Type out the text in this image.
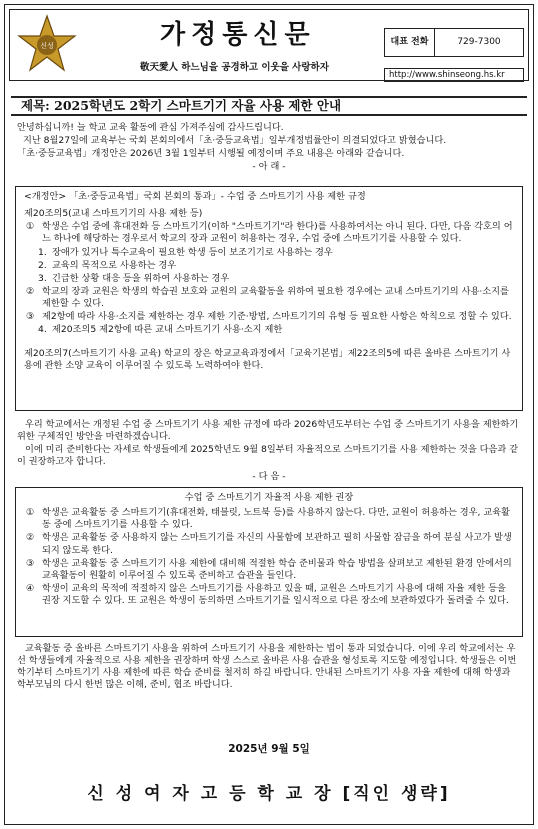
신성	가정통신문
敬天愛人 하느님을 공경하고 이웃을 사랑하자
대표 전화	729-7300
http://www.shinseong.hs.kr
제목: 2025학년도 2학기 스마트기기 자율 사용 제한 안내
안녕하십니까! 늘 학교 교육 활동에 관심 가져주심에 감사드립니다.
지난 8월27일에 교육부는 국회 본회의에서「초·중등교육법」일부개정법률안이 의결되었다고 밝혔습니다.
「초·중등교육법」개정안은 2026년 3월 1일부터 시행될 예정이며 주요 내용은 아래와 같습니다.
- 아 래 -
<개정안> 「초·중등교육법」국회 본회의 통과」- 수업 중 스마트기기 사용 제한 규정
제20조의5(교내 스마트기기의 사용 제한 등)
① 학생은 수업 중에 휴대전화 등 스마트기기(이하 "스마트기기"라 한다)를 사용하여서는 아니 된다. 다만, 다음 각호의 어느 하나에 해당하는 경우로서 학교의 장과 교원이 허용하는 경우, 수업 중에 스마트기기를 사용할 수 있다.
1. 장애가 있거나 특수교육이 필요한 학생 등이 보조기기로 사용하는 경우
2. 교육의 목적으로 사용하는 경우
3. 긴급한 상황 대응 등을 위하여 사용하는 경우
② 학교의 장과 교원은 학생의 학습권 보호와 교원의 교육활동을 위하여 필요한 경우에는 교내 스마트기기의 사용·소지를 제한할 수 있다.
③ 제2항에 따라 사용·소지를 제한하는 경우 제한 기준·방법, 스마트기기의 유형 등 필요한 사항은 학칙으로 정할 수 있다.
4. 제20조의5 제2항에 따른 교내 스마트기기 사용·소지 제한
제20조의7(스마트기기 사용 교육) 학교의 장은 학교교육과정에서「교육기본법」제22조의5에 따른 올바른 스마트기기 사용에 관한 소양 교육이 이루어질 수 있도록 노력하여야 한다.
우리 학교에서는 개정된 수업 중 스마트기기 사용 제한 규정에 따라 2026학년도부터는 수업 중 스마트기기 사용을 제한하기 위한 구체적인 방안을 마련하겠습니다.
이에 미리 준비한다는 자세로 학생들에게 2025학년도 9월 8일부터 자율적으로 스마트기기를 사용 제한하는 것을 다음과 같이 권장하고자 합니다.
- 다 음 -
수업 중 스마트기기 자율적 사용 제한 권장
① 학생은 교육활동 중 스마트기기(휴대전화, 태블릿, 노트북 등)를 사용하지 않는다. 다만, 교원이 허용하는 경우, 교육활동 중에 스마트기기를 사용할 수 있다.
② 학생은 교육활동 중 사용하지 않는 스마트기기를 자신의 사물함에 보관하고 필히 사물함 잠금을 하여 분실 사고가 발생 되지 않도록 한다.
③ 학생은 교육활동 중 스마트기기 사용 제한에 대비해 적절한 학습 준비물과 학습 방법을 살펴보고 제한된 환경 안에서의 교육활동이 원활히 이루어질 수 있도록 준비하고 습관을 들인다.
④ 학생이 교육의 목적에 적절하지 않은 스마트기기를 사용하고 있을 때, 교원은 스마트기기 사용에 대해 자율 제한 등을 권장 지도할 수 있다. 또 교원은 학생이 동의하면 스마트기기를 일시적으로 다른 장소에 보관하였다가 돌려줄 수 있다.
교육활동 중 올바른 스마트기기 사용을 위하여 스마트기기 사용을 제한하는 법이 통과 되었습니다. 이에 우리 학교에서는 우선 학생들에게 자율적으로 사용 제한을 권장하며 학생 스스로 올바른 사용 습관을 형성토록 지도할 예정입니다. 학생들은 이번 학기부터 스마트기기 사용 제한에 따른 학습 준비를 철저히 하길 바랍니다. 안내된 스마트기기 사용 자율 제한에 대해 학생과 학부모님의 다시 한번 많은 이해, 준비, 협조 바랍니다.
2025년 9월 5일
신 성 여 자 고 등 학 교 장 [직인 생략]
